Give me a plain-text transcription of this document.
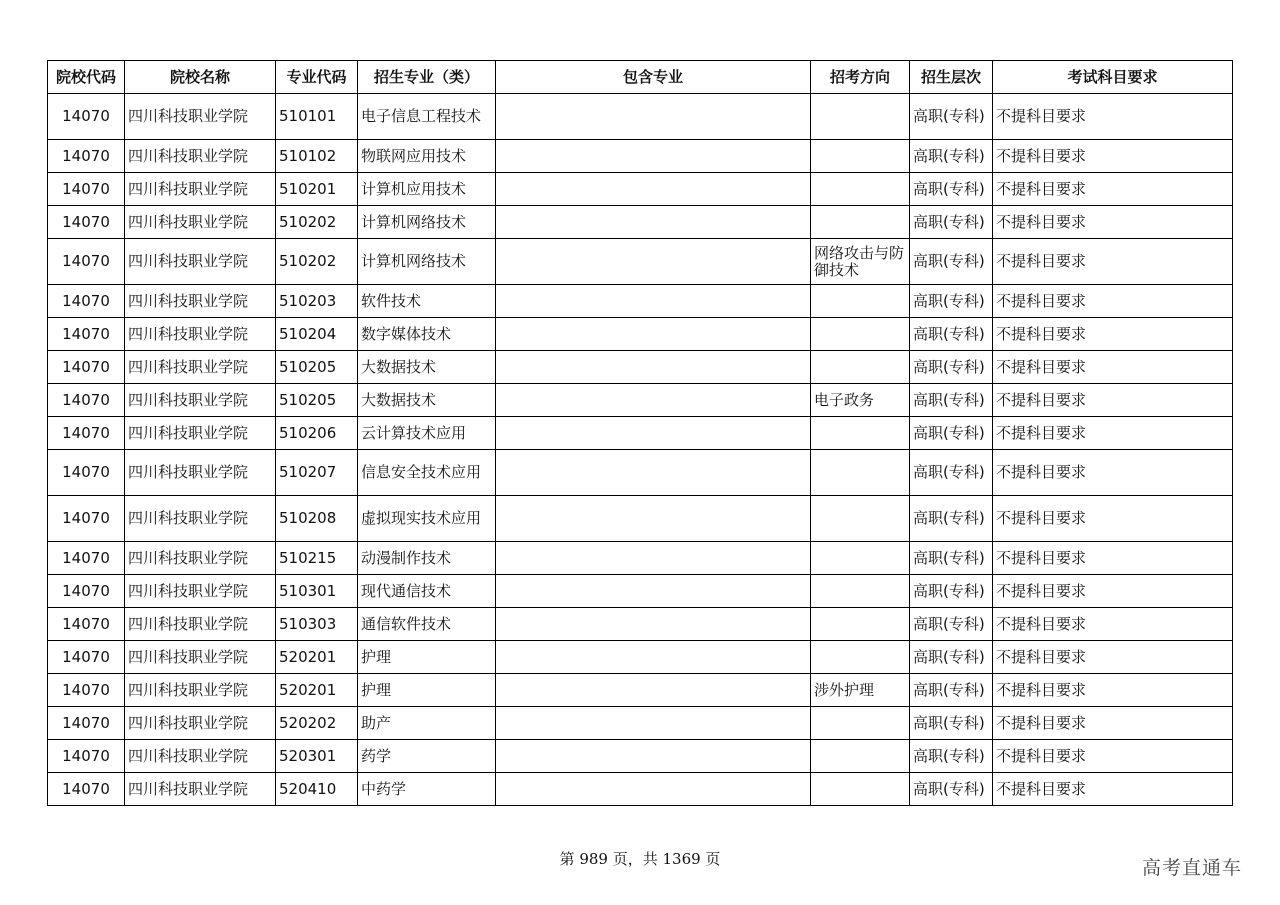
院校代码	院校名称	专业代码	招生专业（类）	包含专业	招考方向	招生层次	考试科目要求
14070	四川科技职业学院	510101	电子信息工程技术			高职(专科)	不提科目要求
14070	四川科技职业学院	510102	物联网应用技术			高职(专科)	不提科目要求
14070	四川科技职业学院	510201	计算机应用技术			高职(专科)	不提科目要求
14070	四川科技职业学院	510202	计算机网络技术			高职(专科)	不提科目要求
14070	四川科技职业学院	510202	计算机网络技术		网络攻击与防御技术	高职(专科)	不提科目要求
14070	四川科技职业学院	510203	软件技术			高职(专科)	不提科目要求
14070	四川科技职业学院	510204	数字媒体技术			高职(专科)	不提科目要求
14070	四川科技职业学院	510205	大数据技术			高职(专科)	不提科目要求
14070	四川科技职业学院	510205	大数据技术		电子政务	高职(专科)	不提科目要求
14070	四川科技职业学院	510206	云计算技术应用			高职(专科)	不提科目要求
14070	四川科技职业学院	510207	信息安全技术应用			高职(专科)	不提科目要求
14070	四川科技职业学院	510208	虚拟现实技术应用			高职(专科)	不提科目要求
14070	四川科技职业学院	510215	动漫制作技术			高职(专科)	不提科目要求
14070	四川科技职业学院	510301	现代通信技术			高职(专科)	不提科目要求
14070	四川科技职业学院	510303	通信软件技术			高职(专科)	不提科目要求
14070	四川科技职业学院	520201	护理			高职(专科)	不提科目要求
14070	四川科技职业学院	520201	护理		涉外护理	高职(专科)	不提科目要求
14070	四川科技职业学院	520202	助产			高职(专科)	不提科目要求
14070	四川科技职业学院	520301	药学			高职(专科)	不提科目要求
14070	四川科技职业学院	520410	中药学			高职(专科)	不提科目要求
第 989 页，共 1369 页	高考直通车
